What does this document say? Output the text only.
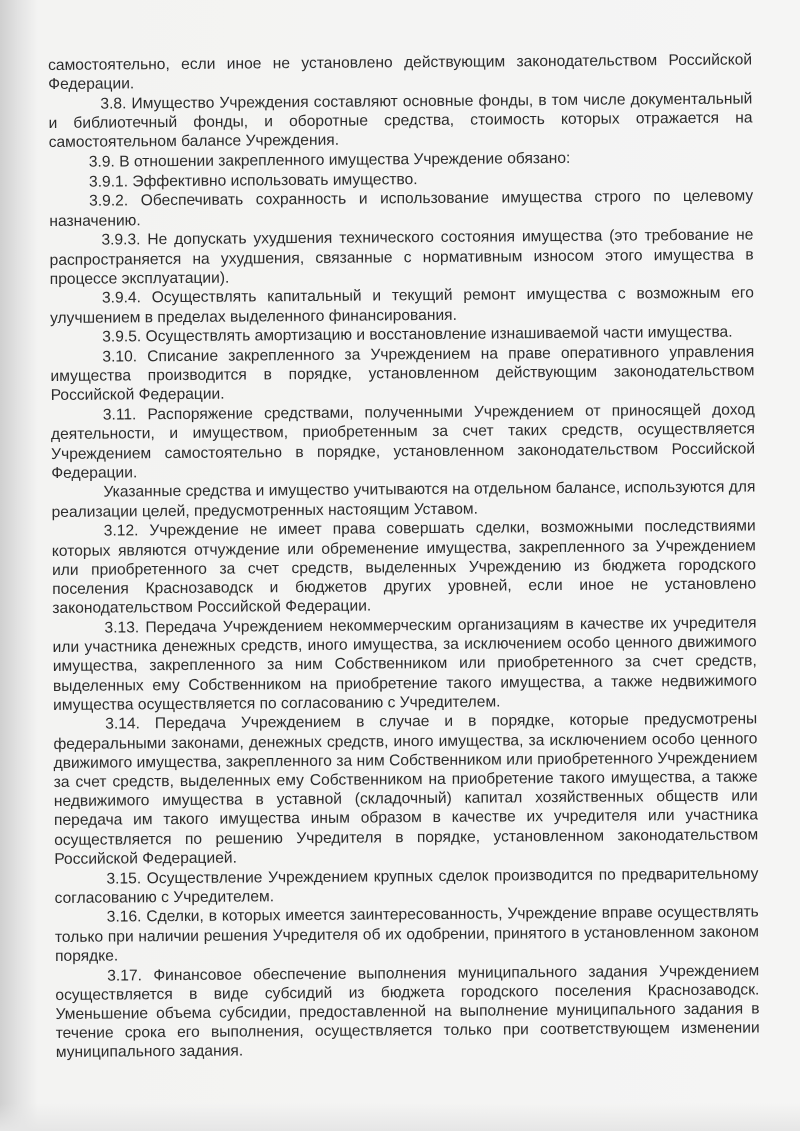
самостоятельно, если иное не установлено действующим законодательством Российской Федерации.

3.8. Имущество Учреждения составляют основные фонды, в том числе документальный и библиотечный фонды, и оборотные средства, стоимость которых отражается на самостоятельном балансе Учреждения.

3.9. В отношении закрепленного имущества Учреждение обязано:

3.9.1. Эффективно использовать имущество.

3.9.2. Обеспечивать сохранность и использование имущества строго по целевому назначению.

3.9.3. Не допускать ухудшения технического состояния имущества (это требование не распространяется на ухудшения, связанные с нормативным износом этого имущества в процессе эксплуатации).

3.9.4. Осуществлять капитальный и текущий ремонт имущества с возможным его улучшением в пределах выделенного финансирования.

3.9.5. Осуществлять амортизацию и восстановление изнашиваемой части имущества.

3.10. Списание закрепленного за Учреждением на праве оперативного управления имущества производится в порядке, установленном действующим законодательством Российской Федерации.

3.11. Распоряжение средствами, полученными Учреждением от приносящей доход деятельности, и имуществом, приобретенным за счет таких средств, осуществляется Учреждением самостоятельно в порядке, установленном законодательством Российской Федерации.

Указанные средства и имущество учитываются на отдельном балансе, используются для реализации целей, предусмотренных настоящим Уставом.

3.12. Учреждение не имеет права совершать сделки, возможными последствиями которых являются отчуждение или обременение имущества, закрепленного за Учреждением или приобретенного за счет средств, выделенных Учреждению из бюджета городского поселения Краснозаводск и бюджетов других уровней, если иное не установлено законодательством Российской Федерации.

3.13. Передача Учреждением некоммерческим организациям в качестве их учредителя или участника денежных средств, иного имущества, за исключением особо ценного движимого имущества, закрепленного за ним Собственником или приобретенного за счет средств, выделенных ему Собственником на приобретение такого имущества, а также недвижимого имущества осуществляется по согласованию с Учредителем.

3.14. Передача Учреждением в случае и в порядке, которые предусмотрены федеральными законами, денежных средств, иного имущества, за исключением особо ценного движимого имущества, закрепленного за ним Собственником или приобретенного Учреждением за счет средств, выделенных ему Собственником на приобретение такого имущества, а также недвижимого имущества в уставной (складочный) капитал хозяйственных обществ или передача им такого имущества иным образом в качестве их учредителя или участника осуществляется по решению Учредителя в порядке, установленном законодательством Российской Федерацией.

3.15. Осуществление Учреждением крупных сделок производится по предварительному согласованию с Учредителем.

3.16. Сделки, в которых имеется заинтересованность, Учреждение вправе осуществлять только при наличии решения Учредителя об их одобрении, принятого в установленном законом порядке.

3.17. Финансовое обеспечение выполнения муниципального задания Учреждением осуществляется в виде субсидий из бюджета городского поселения Краснозаводск. Уменьшение объема субсидии, предоставленной на выполнение муниципального задания в течение срока его выполнения, осуществляется только при соответствующем изменении муниципального задания.
